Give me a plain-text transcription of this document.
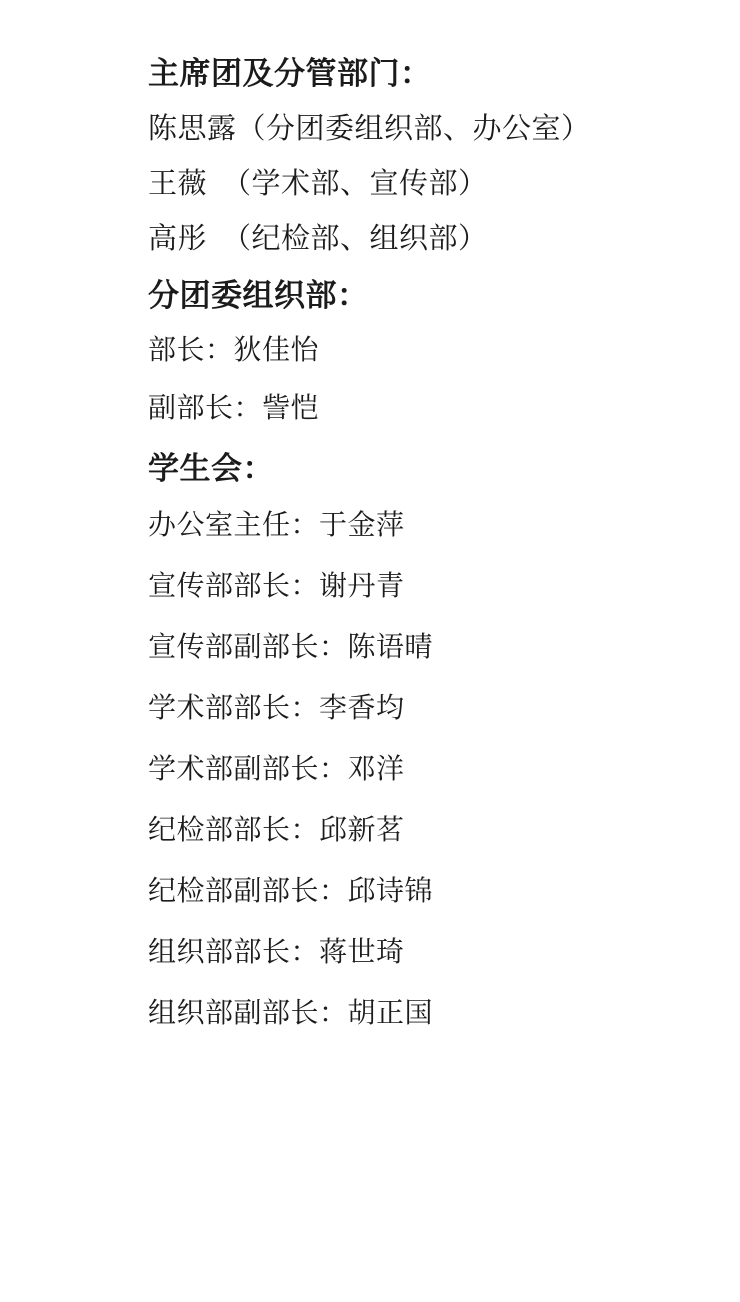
主席团及分管部门：
陈思露（分团委组织部、办公室）
王薇　（学术部、宣传部）
高彤　（纪检部、组织部）
分团委组织部：
部长：狄佳怡
副部长：訾恺
学生会：
办公室主任：于金萍
宣传部部长：谢丹青
宣传部副部长：陈语晴
学术部部长：李香均
学术部副部长：邓洋
纪检部部长：邱新茗
纪检部副部长：邱诗锦
组织部部长：蒋世琦
组织部副部长：胡正国
